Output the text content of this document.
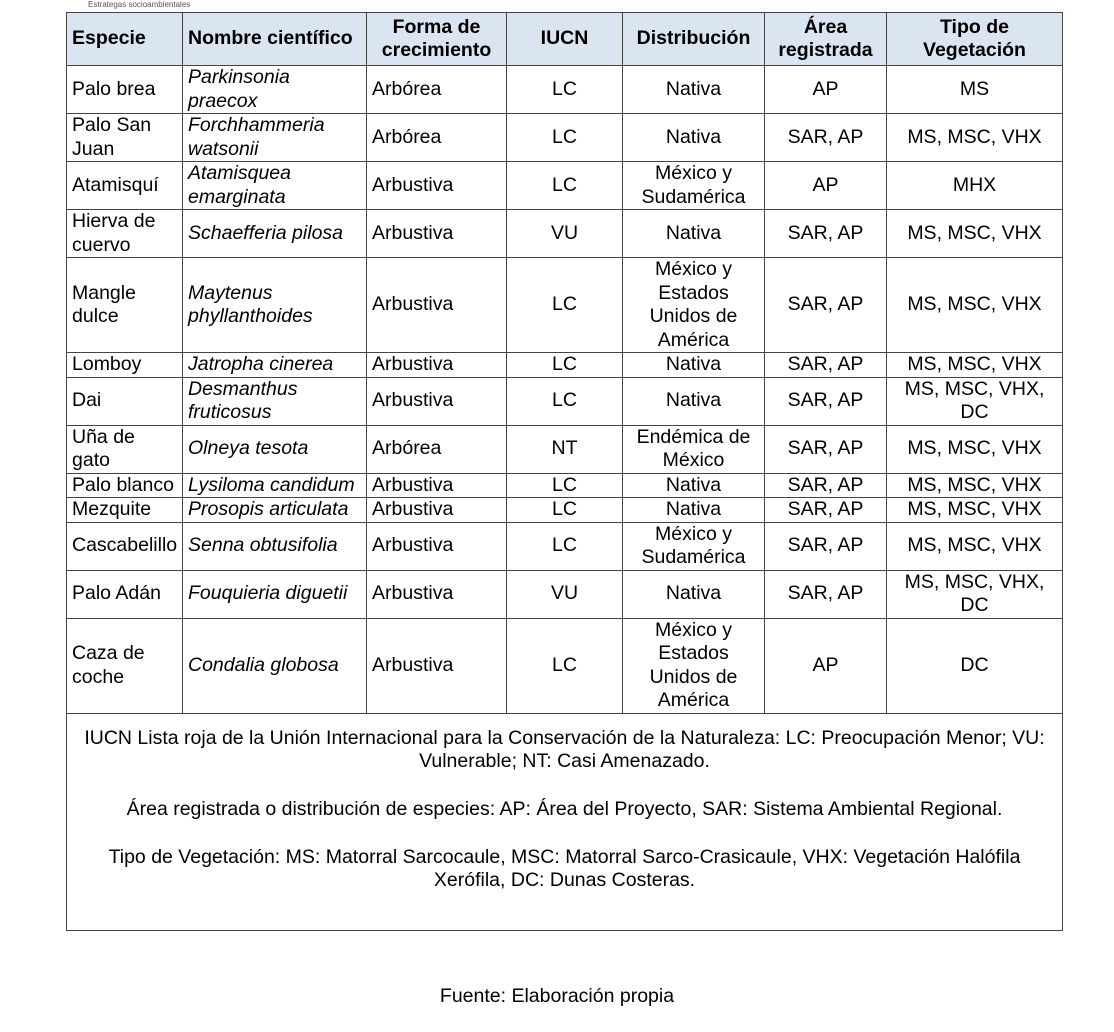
Estrategas socioambientales
Especie	Nombre científico	Forma de crecimiento	IUCN	Distribución	Área registrada	Tipo de Vegetación
Palo brea	Parkinsonia praecox	Arbórea	LC	Nativa	AP	MS
Palo San Juan	Forchhammeria watsonii	Arbórea	LC	Nativa	SAR, AP	MS, MSC, VHX
Atamisquí	Atamisquea emarginata	Arbustiva	LC	México y Sudamérica	AP	MHX
Hierva de cuervo	Schaefferia pilosa	Arbustiva	VU	Nativa	SAR, AP	MS, MSC, VHX
Mangle dulce	Maytenus phyllanthoides	Arbustiva	LC	México y Estados Unidos de América	SAR, AP	MS, MSC, VHX
Lomboy	Jatropha cinerea	Arbustiva	LC	Nativa	SAR, AP	MS, MSC, VHX
Dai	Desmanthus fruticosus	Arbustiva	LC	Nativa	SAR, AP	MS, MSC, VHX, DC
Uña de gato	Olneya tesota	Arbórea	NT	Endémica de México	SAR, AP	MS, MSC, VHX
Palo blanco	Lysiloma candidum	Arbustiva	LC	Nativa	SAR, AP	MS, MSC, VHX
Mezquite	Prosopis articulata	Arbustiva	LC	Nativa	SAR, AP	MS, MSC, VHX
Cascabelillo	Senna obtusifolia	Arbustiva	LC	México y Sudamérica	SAR, AP	MS, MSC, VHX
Palo Adán	Fouquieria diguetii	Arbustiva	VU	Nativa	SAR, AP	MS, MSC, VHX, DC
Caza de coche	Condalia globosa	Arbustiva	LC	México y Estados Unidos de América	AP	DC

IUCN Lista roja de la Unión Internacional para la Conservación de la Naturaleza: LC: Preocupación Menor; VU: Vulnerable; NT: Casi Amenazado.

Área registrada o distribución de especies: AP: Área del Proyecto, SAR: Sistema Ambiental Regional.

Tipo de Vegetación: MS: Matorral Sarcocaule, MSC: Matorral Sarco-Crasicaule, VHX: Vegetación Halófila Xerófila, DC: Dunas Costeras.						

Fuente: Elaboración propia
